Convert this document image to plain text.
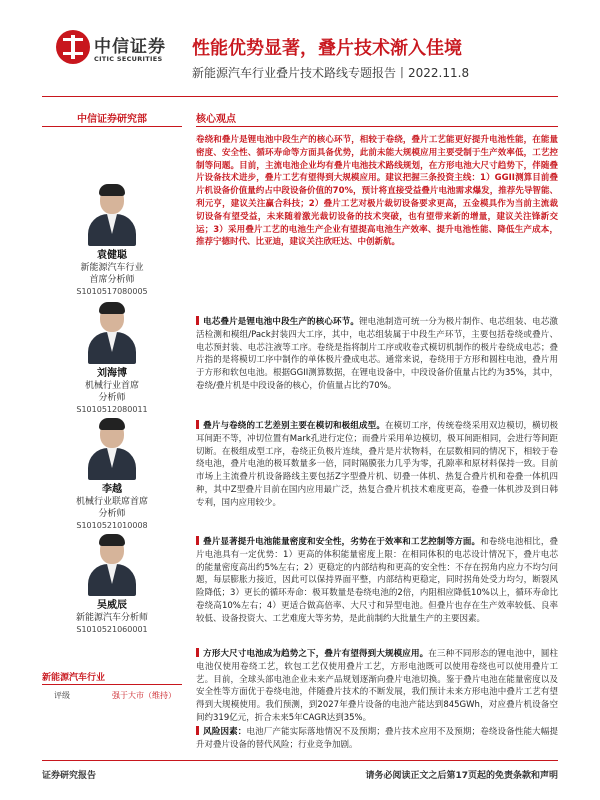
中信证券
CITIC SECURITIES 性能优势显著，叠片技术渐入佳境
新能源汽车行业叠片技术路线专题报告丨2022.11.8
中信证券研究部
袁健聪
新能源汽车行业
首席分析师
S1010517080005
刘海博
机械行业首席
分析师
S1010512080011
李越
机械行业联席首席
分析师
S1010521010008
吴威辰
新能源汽车分析师
S1010521060001
新能源汽车行业
评级	强于大市（维持）
核心观点
卷绕和叠片是锂电池中段生产的核心环节，相较于卷绕，叠片工艺能更好提升电池性能，在能量密度、安全性、循环寿命等方面具备优势，此前未能大规模应用主要受制于生产效率低，工艺控制等问题。目前，主流电池企业均有叠片电池技术路线规划，在方形电池大尺寸趋势下，伴随叠片设备技术进步，叠片工艺有望得到大规模应用。建议把握三条投资主线：1）GGII测算目前叠片机设备价值量约占中段设备价值的70%，预计将直接受益叠片电池需求爆发，推荐先导智能、利元亨，建议关注赢合科技；2）叠片工艺对极片裁切设备要求更高，五金模具作为当前主流裁切设备有望受益，未来随着激光裁切设备的技术突破，也有望带来新的增量，建议关注锋新交运；3）采用叠片工艺的电池生产企业有望提高电池生产效率、提升电池性能、降低生产成本，推荐宁德时代、比亚迪，建议关注欣旺达、中创新航。
电芯叠片是锂电池中段生产的核心环节。锂电池制造可统一分为极片制作、电芯组装、电芯激活检测和模组/Pack封装四大工序，其中，电芯组装属于中段生产环节，主要包括卷绕或叠片、电芯预封装、电芯注液等工序。卷绕是指将制片工序或收卷式模切机制作的极片卷绕成电芯；叠片指的是将模切工序中制作的单体极片叠成电芯。通常来说，卷绕用于方形和圆柱电池，叠片用于方形和软包电池。根据GGII测算数据，在锂电设备中，中段设备价值量占比约为35%，其中，卷绕/叠片机是中段设备的核心，价值量占比约70%。
叠片与卷绕的工艺差别主要在模切和极组成型。在模切工序，传统卷绕采用双边模切，横切极耳间距不等，冲切位置有Mark孔进行定位；而叠片采用单边模切，极耳间距相同，会进行等间距切断。在极组成型工序，卷绕正负极片连续，叠片是片状物料，在层数相同的情况下，相较于卷绕电池，叠片电池的极耳数量多一倍，同时隔膜张力几乎为零，孔隙率和原材料保持一致。目前市场上主流叠片机设备路线主要包括Z字型叠片机、切叠一体机、热复合叠片机和卷叠一体机四种，其中Z型叠片目前在国内应用最广泛，热复合叠片机技术难度更高，卷叠一体机涉及到日韩专利，国内应用较少。
叠片显著提升电池能量密度和安全性，劣势在于效率和工艺控制等方面。和卷绕电池相比，叠片电池具有一定优势：1）更高的体积能量密度上限：在相同体积的电芯设计情况下，叠片电芯的能量密度高出约5%左右；2）更稳定的内部结构和更高的安全性：不存在拐角内应力不均匀问题，每层膨胀力接近，因此可以保持界面平整，内部结构更稳定，同时拐角处受力均匀，断裂风险降低；3）更长的循环寿命：极耳数量是卷绕电池的2倍，内阻相应降低10%以上，循环寿命比卷绕高10%左右；4）更适合做高倍率、大尺寸和异型电池。但叠片也存在生产效率较低、良率较低、设备投资大、工艺难度大等劣势，是此前制约大批量生产的主要因素。
方形大尺寸电池成为趋势之下，叠片有望得到大规模应用。在三种不同形态的锂电池中，圆柱电池仅使用卷绕工艺，软包工艺仅使用叠片工艺，方形电池既可以使用卷绕也可以使用叠片工艺。目前，全球头部电池企业未来产品规划逐渐向叠片电池切换。鉴于叠片电池在能量密度以及安全性等方面优于卷绕电池，伴随叠片技术的不断发展，我们预计未来方形电池中叠片工艺有望得到大规模使用。我们预测，到2027年叠片设备的电池产能达到845GWh，对应叠片机设备空间约319亿元，折合未来5年CAGR达到35%。
风险因素：电池厂产能实际落地情况不及预期；叠片技术应用不及预期；卷绕设备性能大幅提升对叠片设备的替代风险；行业竞争加剧。
证券研究报告	请务必阅读正文之后第17页起的免责条款和声明
